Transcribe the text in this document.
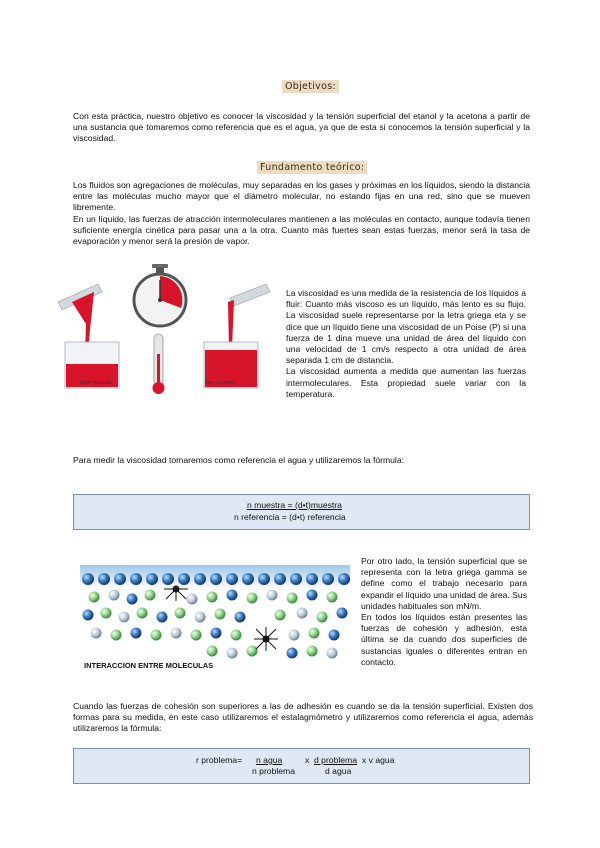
Objetivos:
Con esta práctica, nuestro objetivo es conocer la viscosidad y la tensión superficial del etanol y la acetona a partir de una sustancia que tomaremos como referencia que es el agua, ya que de esta si conocemos la tensión superficial y la viscosidad.
Fundamento teórico:
Los fluidos son agregaciones de moléculas, muy separadas en los gases y próximas en los líquidos, siendo la distancia entre las moléculas mucho mayor que el diámetro molecular, no estando fijas en una red, sino que se mueven libremente.
En un líquido, las fuerzas de atracción intermoleculares mantienen a las moléculas en contacto, aunque todavía tienen suficiente energía cinética para pasar una a la otra. Cuanto más fuertes sean estas fuerzas, menor será la tasa de evaporación y menor será la presión de vapor.
high viscosity	low viscosity
La viscosidad es una medida de la resistencia de los líquidos a fluir: Cuanto más viscoso es un líquido, más lento es su flujo. La viscosidad suele representarse por la letra griega eta y se dice que un líquido tiene una viscosidad de un Poise (P) si una fuerza de 1 dina mueve una unidad de área del líquido con una velocidad de 1 cm/s respecto a otra unidad de área separada 1 cm de distancia.
La viscosidad aumenta a medida que aumentan las fuerzas intermoleculares. Esta propiedad suele variar con la temperatura.
Para medir la viscosidad tomaremos como referencia el agua y utilizaremos la fórmula:
n muestra = (d•t)muestra
n referencia = (d•t) referencia
INTERACCION ENTRE MOLECULAS
Por otro lado, la tensión superficial que se representa con la letra griega gamma se define como el trabajo necesario para expandir el líquido una unidad de área. Sus unidades habituales son mN/m.
En todos los líquidos están presentes las fuerzas de cohesión y adhesión, esta última se da cuando dos superficies de sustancias iguales o diferentes entran en contacto.
Cuando las fuerzas de cohesión son superiores a las de adhesión es cuando se da la tensión superficial. Existen dos formas para su medida, en este caso utilizaremos el estalagmómetro y utilizaremos como referencia el agua, además utilizaremos la fórmula:
r problema= n agua
n problema
x d problema
d agua
x v agua
